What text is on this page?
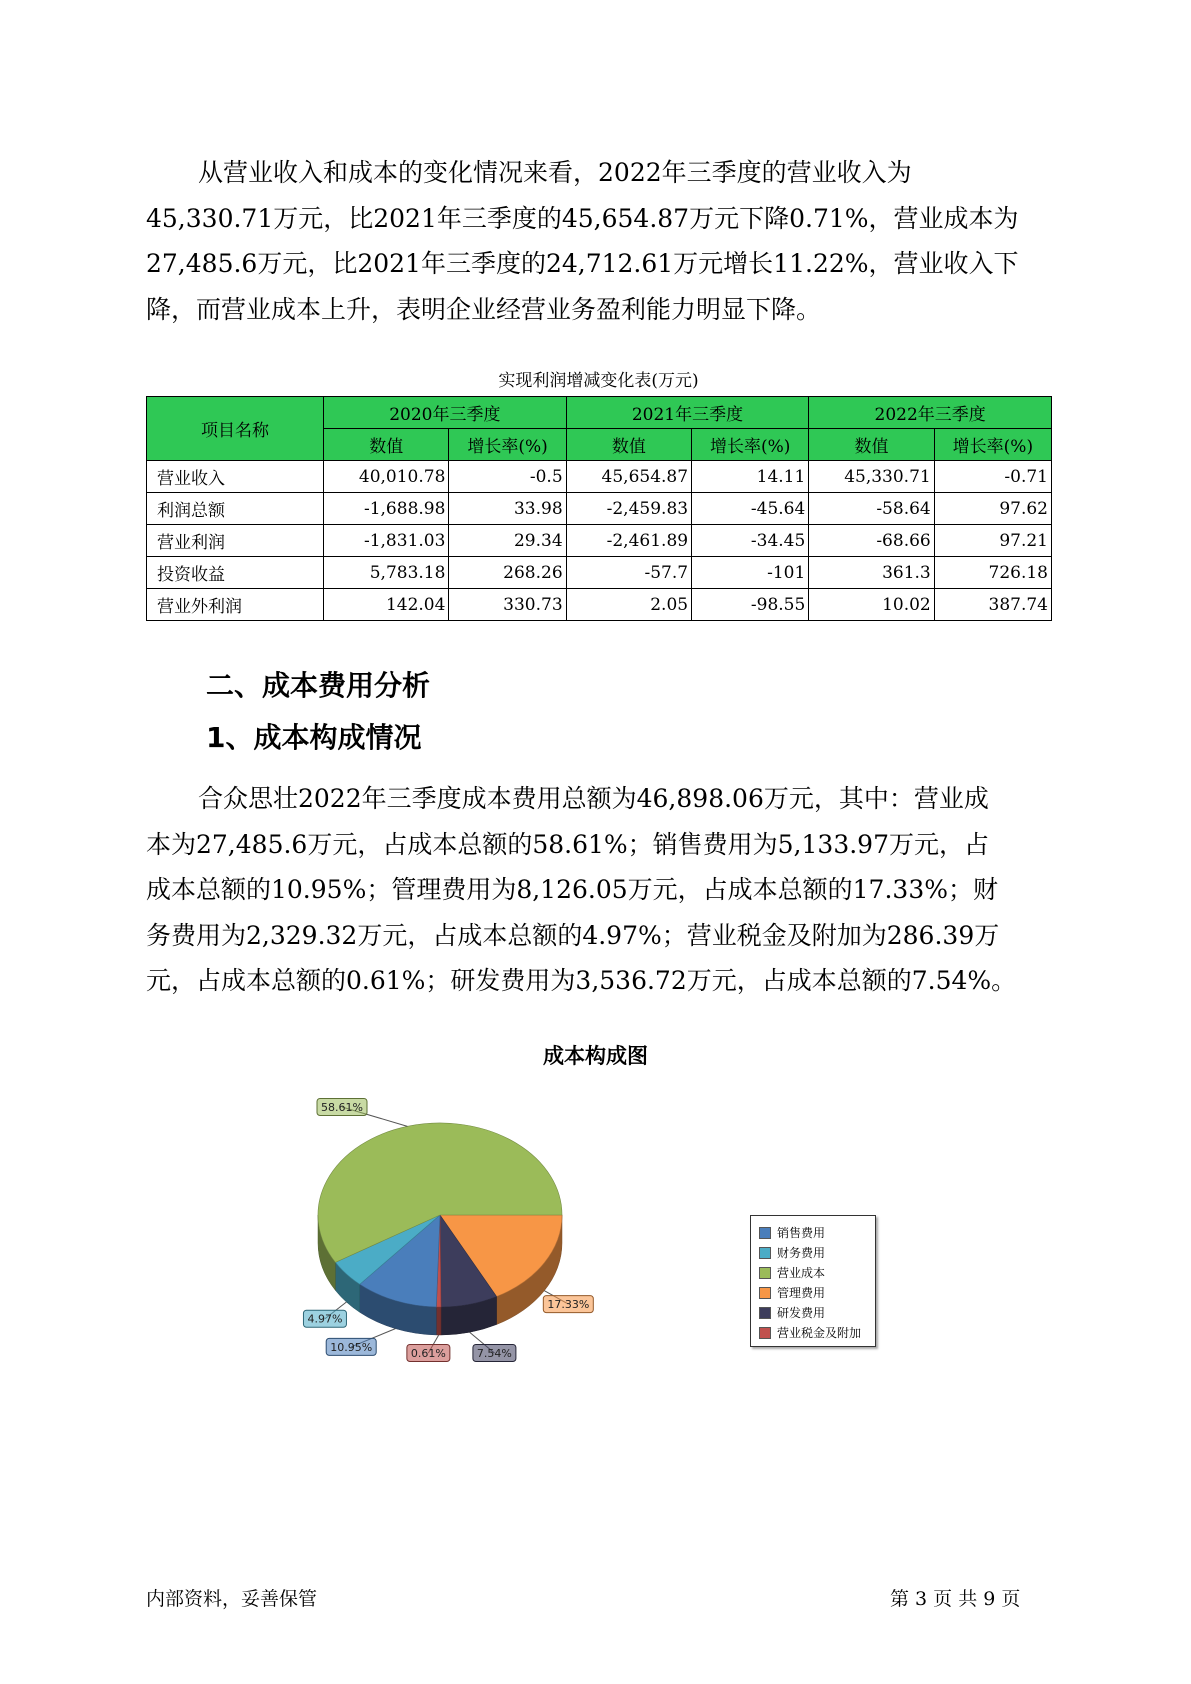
从营业收入和成本的变化情况来看，2022年三季度的营业收入为
45,330.71万元，比2021年三季度的45,654.87万元下降0.71%，营业成本为
27,485.6万元，比2021年三季度的24,712.61万元增长11.22%，营业收入下
降，而营业成本上升，表明企业经营业务盈利能力明显下降。
实现利润增减变化表(万元)
项目名称	2020年三季度		2021年三季度		2022年三季度	
	数值	增长率(%)	数值	增长率(%)	数值	增长率(%)
营业收入	40,010.78	-0.5	45,654.87	14.11	45,330.71	-0.71
利润总额	-1,688.98	33.98	-2,459.83	-45.64	-58.64	97.62
营业利润	-1,831.03	29.34	-2,461.89	-34.45	-68.66	97.21
投资收益	5,783.18	268.26	-57.7	-101	361.3	726.18
营业外利润	142.04	330.73	2.05	-98.55	10.02	387.74
二、成本费用分析
1、成本构成情况
合众思壮2022年三季度成本费用总额为46,898.06万元，其中：营业成
本为27,485.6万元，占成本总额的58.61%；销售费用为5,133.97万元，占
成本总额的10.95%；管理费用为8,126.05万元，占成本总额的17.33%；财
务费用为2,329.32万元，占成本总额的4.97%；营业税金及附加为286.39万
元，占成本总额的0.61%；研发费用为3,536.72万元，占成本总额的7.54%。
成本构成图
17.33%
7.54%
0.61%
10.95%
4.97%
58.61%
销售费用
财务费用
营业成本
管理费用
研发费用
营业税金及附加
内部资料，妥善保管	第 3 页 共 9 页
